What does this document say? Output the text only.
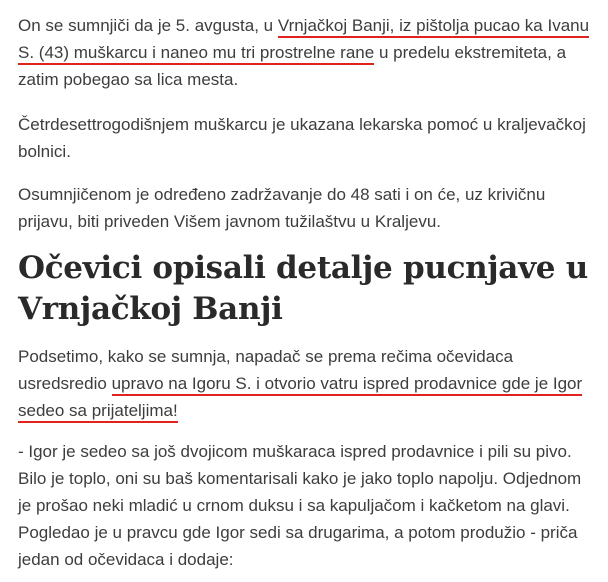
On se sumnjiči da je 5. avgusta, u Vrnjačkoj Banji, iz pištolja pucao ka Ivanu S. (43) muškarcu i naneo mu tri prostrelne rane u predelu ekstremiteta, a zatim pobegao sa lica mesta.

Četrdesettrogodišnjem muškarcu je ukazana lekarska pomoć u kraljevačkoj bolnici.

Osumnjičenom je određeno zadržavanje do 48 sati i on će, uz krivičnu prijavu, biti priveden Višem javnom tužilaštvu u Kraljevu.

Očevici opisali detalje pucnjave u Vrnjačkoj Banji

Podsetimo, kako se sumnja, napadač se prema rečima očevidaca usredsredio upravo na Igoru S. i otvorio vatru ispred prodavnice gde je Igor sedeo sa prijateljima!

- Igor je sedeo sa još dvojicom muškaraca ispred prodavnice i pili su pivo. Bilo je toplo, oni su baš komentarisali kako je jako toplo napolju. Odjednom je prošao neki mladić u crnom duksu i sa kapuljačom i kačketom na glavi. Pogledao je u pravcu gde Igor sedi sa drugarima, a potom produžio - priča jedan od očevidaca i dodaje:
